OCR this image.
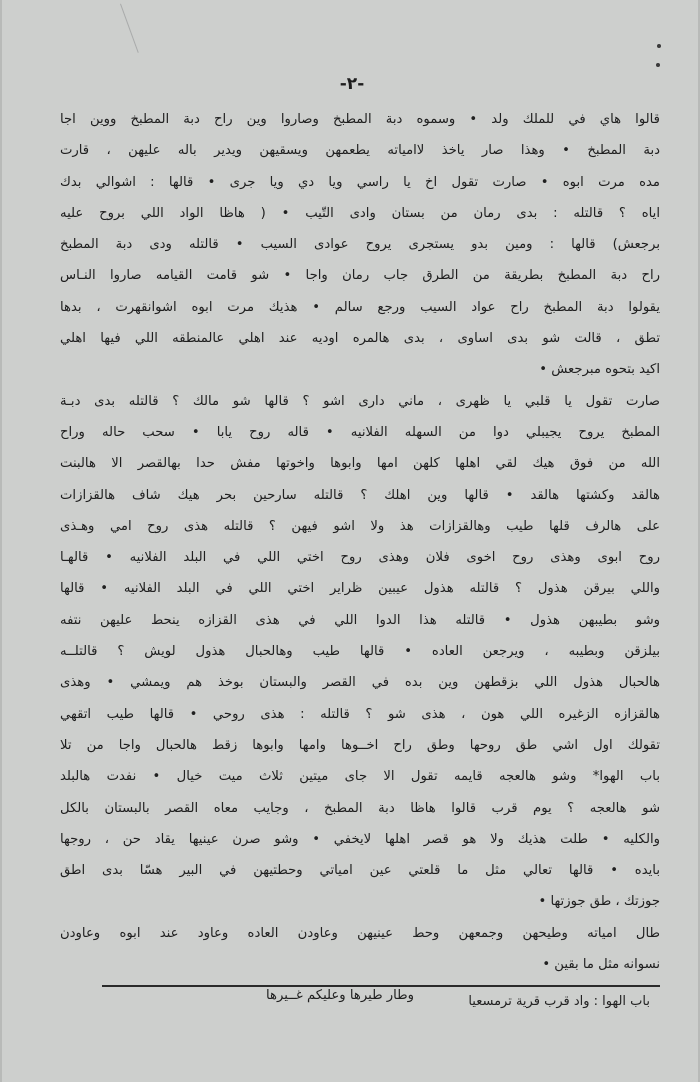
-٢-
قالوا هاي في للملك ولد • وسموه دبة المطبخ وصاروا وين راح دبة المطبخ ووين اجا
دبة المطبخ • وهذا صار ياخذ لاامياته يطعمهن ويسقيهن ويدير باله عليهن ، قارت
مده مرت ابوه • صارت تقول اخ يا راسي ويا دي ويا جرى • قالها : اشوالي بدك
اياه ؟ قالتله : بدى رمان من بستان وادى التّيب • ( هاظا الواد اللي بروح عليه
برجعش) قالها : ومين بدو يستجرى يروح عوادى السيب • قالتله ودى دبة المطبخ
راح دبة المطبخ بطريقة من الطرق جاب رمان واجا • شو قامت القيامه صاروا النـاس
يقولوا دبة المطبخ راح عواد السيب ورجع سالم • هذيك مرت ابوه اشوانقهرت ، بدها
تطق ، قالت شو بدى اساوى ، بدى هالمره اوديه عند اهلي عالمنطقه اللي فيها اهلي
اكيد بتحوه مبرجعش •
صارت تقول يا قلبي يا ظهرى ، ماني دارى اشو ؟ قالها شو مالك ؟ قالتله بدى دبـة
المطبخ يروح يجيبلي دوا من السهله الفلانيه • قاله روح يابا • سحب حاله وراح
الله من فوق هيك لقي اهلها كلهن امها وابوها واخوتها مفش حدا بهالقصر الا هالبنت
هالقد وكشتها هالقد • قالها وين اهلك ؟ قالتله سارحين بحر هيك شاف هالقزازات
على هالرف قلها طيب وهالقزازات هذ ولا اشو فيهن ؟ قالتله هذى روح امي وهـذى
روح ابوى وهذى روح اخوى فلان وهذى روح اختي اللي في البلد الفلانيه • قالهـا
واللي بيرقن هذول ؟ قالتله هذول عيبين ظراير اختي اللي في البلد الفلانيه • قالها
وشو بطيبهن هذول • قالتله هذا الدوا اللي في هذى القزازه ينحط عليهن نتفه
بيلزقن وبطيبه ، ويرجعن العاده • قالها طيب وهالحبال هذول لويش ؟ قالتلــه
هالحبال هذول اللي بزقطهن وين بده في القصر والبستان بوخذ هم ويمشي • وهذى
هالقزازه الزغيره اللي هون ، هذى شو ؟ قالتله : هذى روحي • قالها طيب اتقهي
تقولك اول اشي طق روحها وطق راح اخــوها وامها وابوها زقط هالحبال واجا من تلا
باب الهوا* وشو هالعجه قايمه تقول الا جاى ميتين ثلاث ميت خيال • نفدت هالبلد
شو هالعجه ؟ يوم قرب قالوا هاظا دبة المطبخ ، وجايب معاه القصر بالبستان بالكل
والكليه • طلت هذيك ولا هو قصر اهلها لايخفي • وشو صرن عينيها يقاد حن ، روجها
بايده • قالها تعالي مثل ما قلعتي عين امياتي وحطتيهن في البير هسّا بدى اطق
جوزتك ، طق جوزتها •
طال امياته وطيحهن وجمعهن وحط عينيهن وعاودن العاده وعاود عند ابوه وعاودن
نسوانه مثل ما بقين •
وطار طيرها وعليكم غــيرها	باب الهوا : واد قرب قرية ترمسعيا
